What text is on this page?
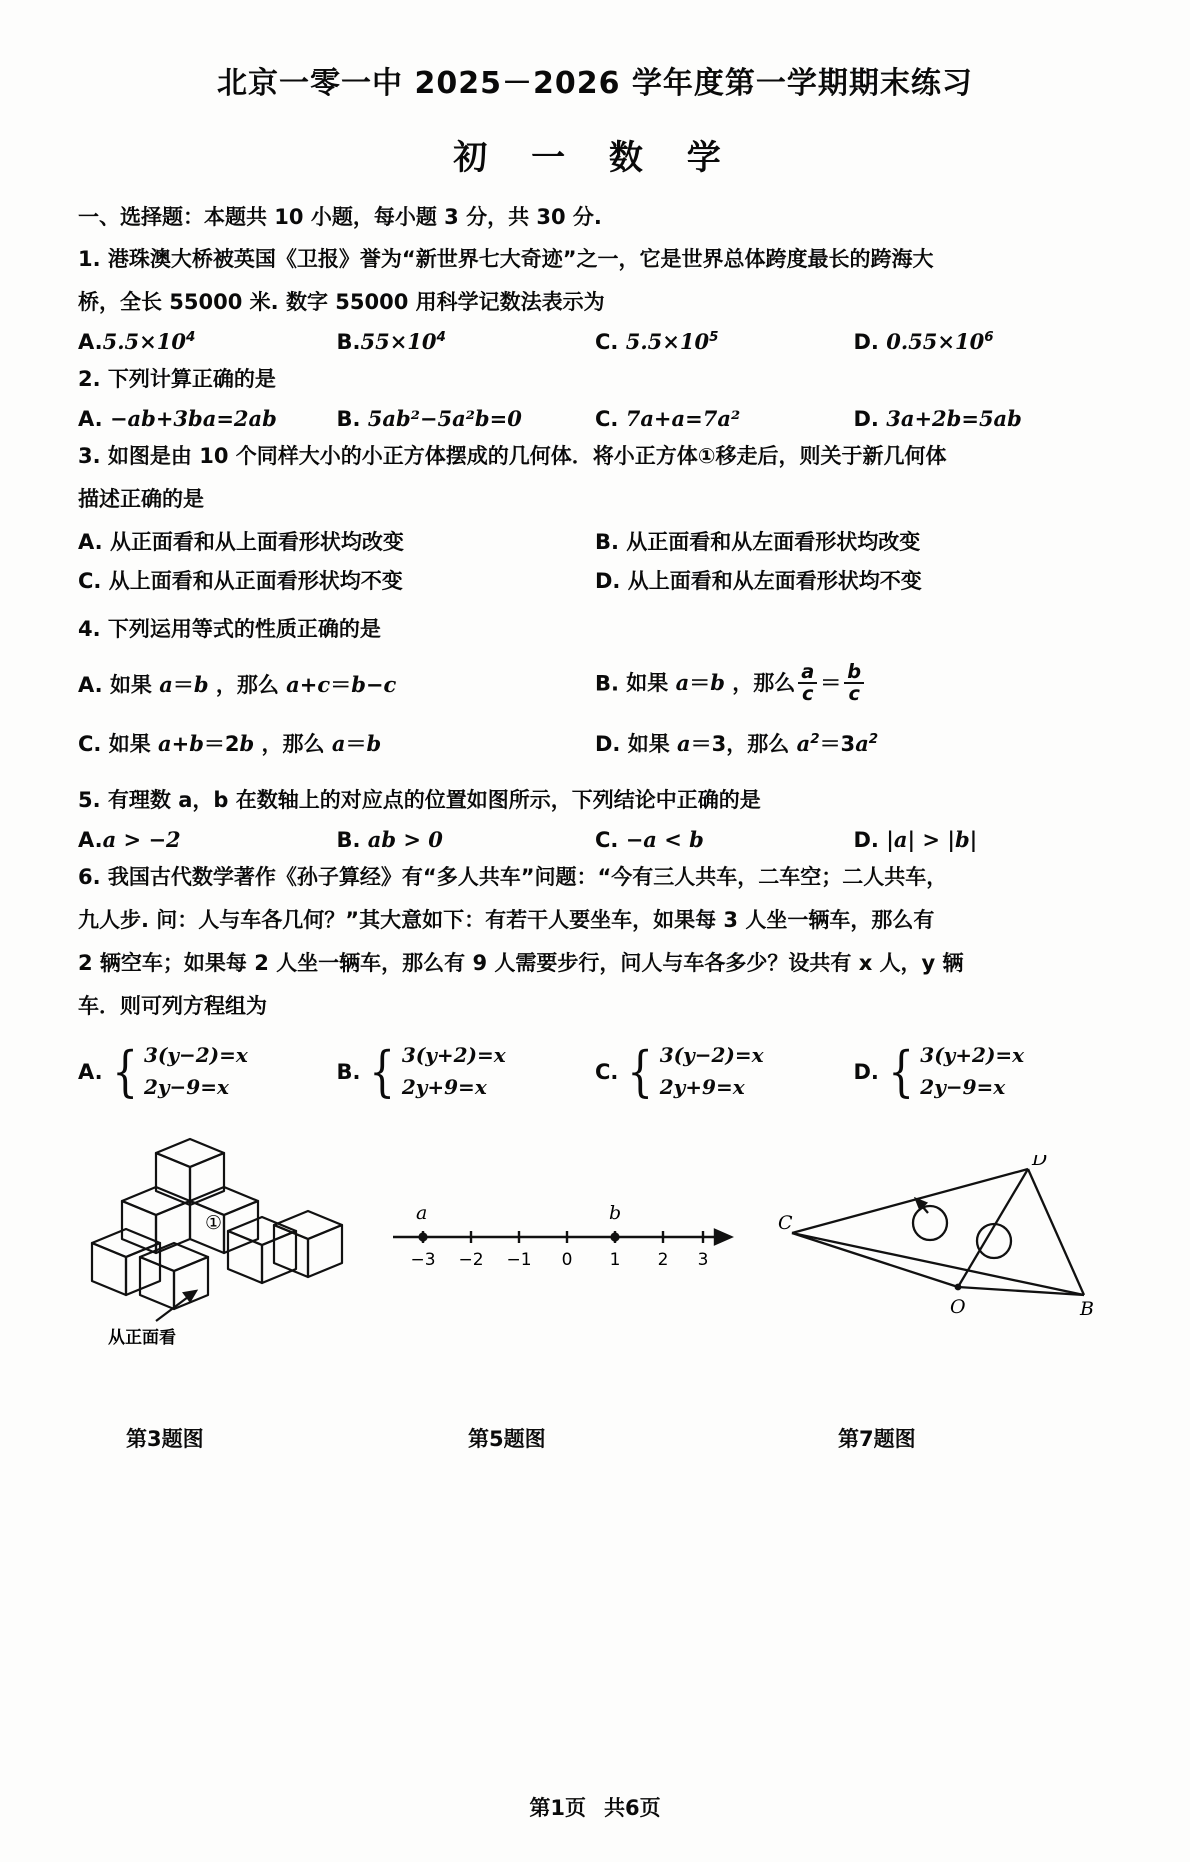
北京一零一中 2025－2026 学年度第一学期期末练习
初 一 数 学
一、选择题：本题共 10 小题，每小题 3 分，共 30 分.
1. 港珠澳大桥被英国《卫报》誉为“新世界七大奇迹”之一，它是世界总体跨度最长的跨海大
桥，全长 55000 米. 数字 55000 用科学记数法表示为
$A.5.5\times 10^4$	$B.55\times 10^4$	C. $5.5\times 10^5$	D. $0.55\times 10^6$
2. 下列计算正确的是
A. −ab+3ba=2ab	B. 5ab²−5a²b=0	C. 7a+a=7a²	D. 3a+2b=5ab
3. 如图是由 10 个同样大小的小正方体摆成的几何体．将小正方体①移走后，则关于新几何体
描述正确的是
A. 从正面看和从上面看形状均改变	B. 从正面看和从左面看形状均改变
C. 从上面看和从正面看形状均不变	D. 从上面看和从左面看形状均不变
4. 下列运用等式的性质正确的是
A. 如果 a＝b ，那么 a+c＝b−c	B. 如果 a＝b ，那么 $\frac{a}{c} = \frac{b}{c}$
C. 如果 a+b＝2b ，那么 a＝b	D. 如果 a＝3，那么 $a^2=3a^2$
5. 有理数 a，b 在数轴上的对应点的位置如图所示，下列结论中正确的是
A.a > −2	B. ab > 0	C. −a < b	D. |a| > |b|
6. 我国古代数学著作《孙子算经》有“多人共车”问题：“今有三人共车，二车空；二人共车，
九人步. 问：人与车各几何？”其大意如下：有若干人要坐车，如果每 3 人坐一辆车，那么有
2 辆空车；如果每 2 人坐一辆车，那么有 9 人需要步行，问人与车各多少？设共有 x 人，y 辆
车．则可列方程组为
A. { 3(y−2)=x
2y−9=x
B. { 3(y+2)=x
2y+9=x
C. { 3(y−2)=x
2y+9=x
D. { 3(y+2)=x
2y−9=x
①
从正面看
a	b
−3 −2 −1 0 1 2 3
C
D
B
O
第3题图	第5题图	第7题图
第1页 共6页
